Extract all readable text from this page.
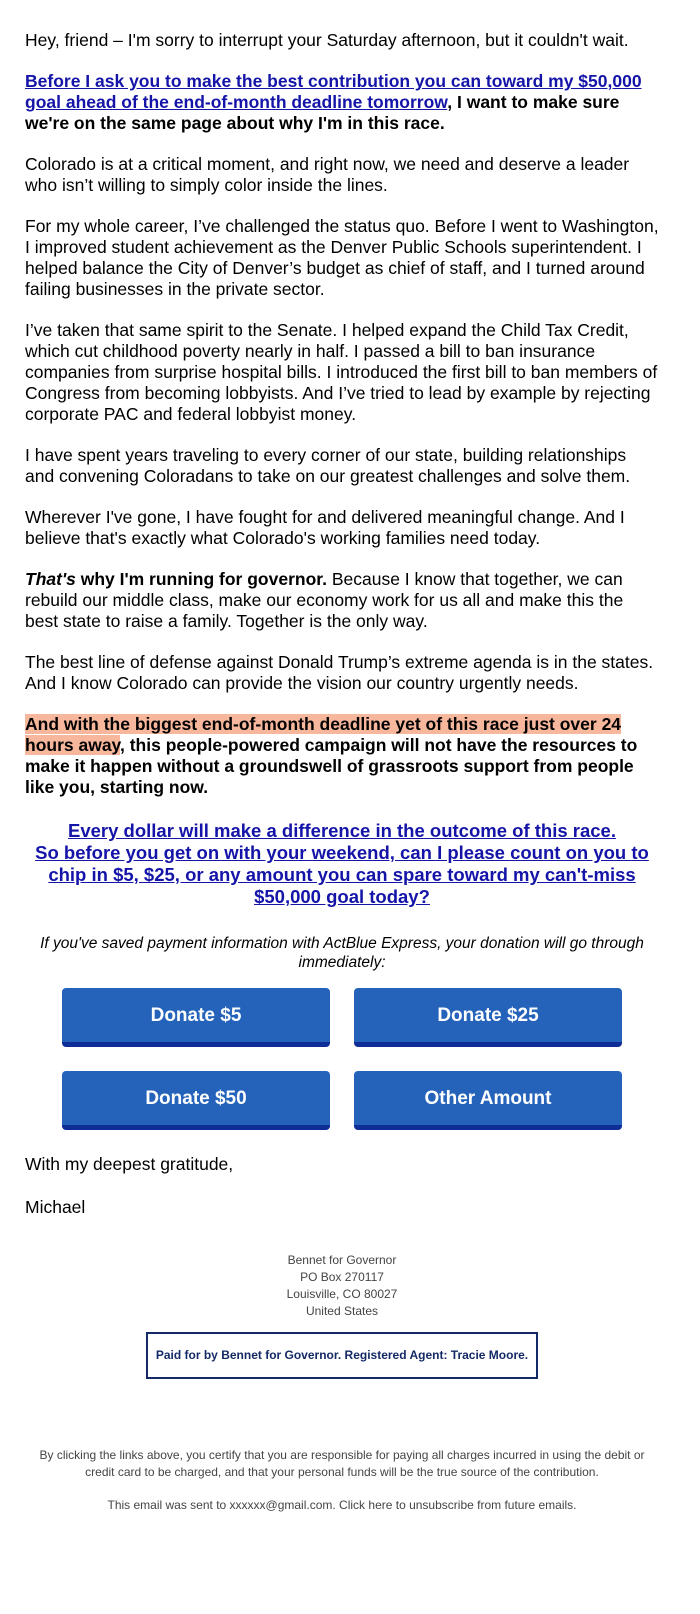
Hey, friend – I'm sorry to interrupt your Saturday afternoon, but it couldn't wait.

Before I ask you to make the best contribution you can toward my $50,000 goal ahead of the end-of-month deadline tomorrow, I want to make sure we're on the same page about why I'm in this race.

Colorado is at a critical moment, and right now, we need and deserve a leader who isn’t willing to simply color inside the lines.

For my whole career, I’ve challenged the status quo. Before I went to Washington, I improved student achievement as the Denver Public Schools superintendent. I helped balance the City of Denver’s budget as chief of staff, and I turned around failing businesses in the private sector.

I’ve taken that same spirit to the Senate. I helped expand the Child Tax Credit, which cut childhood poverty nearly in half. I passed a bill to ban insurance companies from surprise hospital bills. I introduced the first bill to ban members of Congress from becoming lobbyists. And I’ve tried to lead by example by rejecting corporate PAC and federal lobbyist money.

I have spent years traveling to every corner of our state, building relationships and convening Coloradans to take on our greatest challenges and solve them.

Wherever I've gone, I have fought for and delivered meaningful change. And I believe that's exactly what Colorado's working families need today.

That's why I'm running for governor. Because I know that together, we can rebuild our middle class, make our economy work for us all and make this the best state to raise a family. Together is the only way.

The best line of defense against Donald Trump’s extreme agenda is in the states. And I know Colorado can provide the vision our country urgently needs.

And with the biggest end-of-month deadline yet of this race just over 24 hours away, this people-powered campaign will not have the resources to make it happen without a groundswell of grassroots support from people like you, starting now.

Every dollar will make a difference in the outcome of this race.
So before you get on with your weekend, can I please count on you to chip in $5, $25, or any amount you can spare toward my can't-miss $50,000 goal today?
If you've saved payment information with ActBlue Express, your donation will go through immediately:
Donate $5	Donate $25
Donate $50	Other Amount

With my deepest gratitude,

Michael

Bennet for Governor
PO Box 270117
Louisville, CO 80027
United States
Paid for by Bennet for Governor. Registered Agent: Tracie Moore.
By clicking the links above, you certify that you are responsible for paying all charges incurred in using the debit or credit card to be charged, and that your personal funds will be the true source of the contribution.
This email was sent to xxxxxx@gmail.com. Click here to unsubscribe from future emails.
